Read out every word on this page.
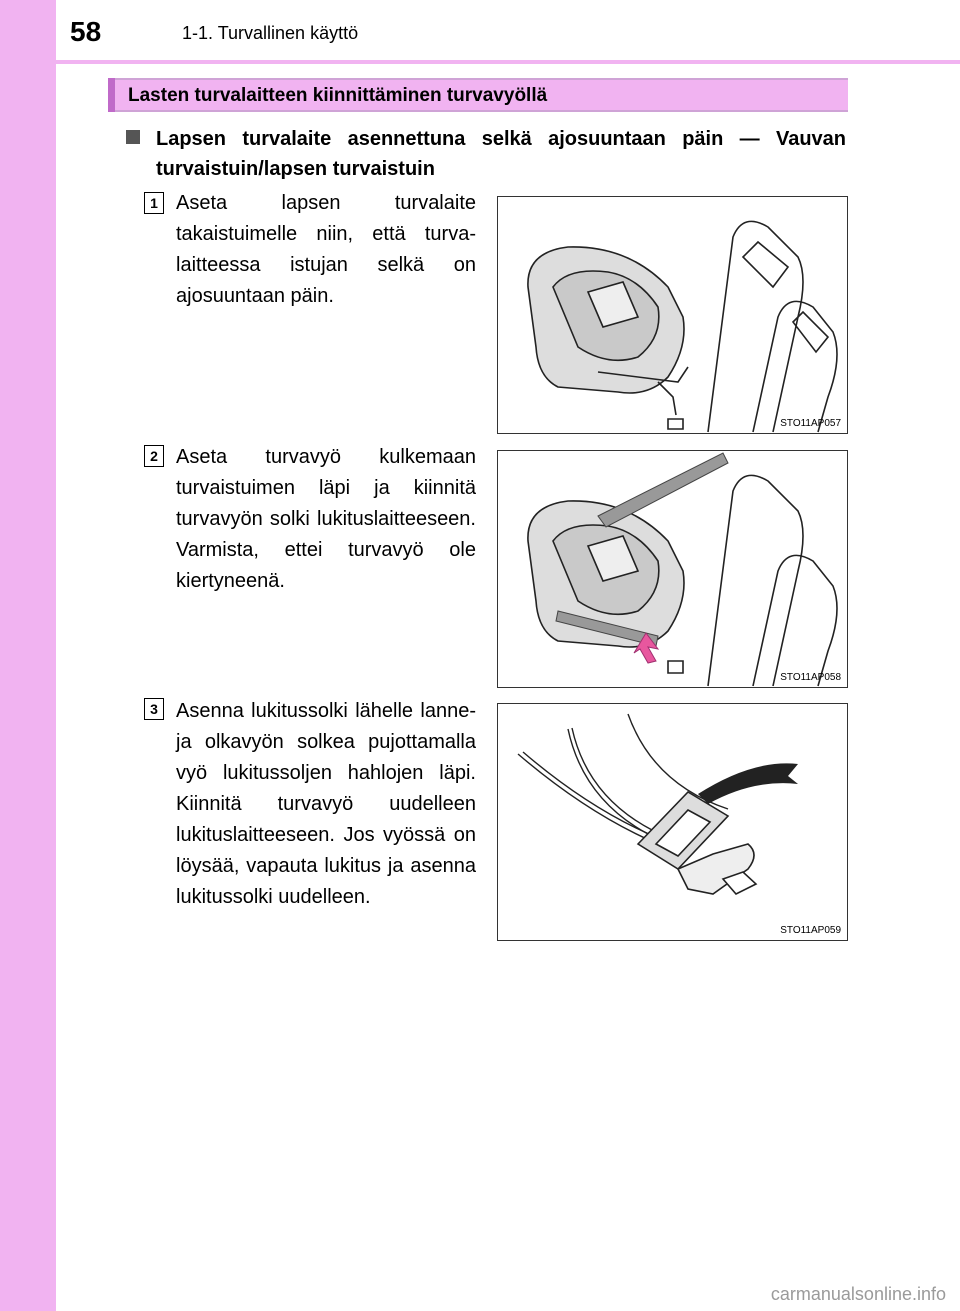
58	1-1. Turvallinen käyttö
Lasten turvalaitteen kiinnittäminen turvavyöllä
Lapsen turvalaite asennettuna selkä ajosuuntaan päin — Vauvan turvaistuin/lapsen turvaistuin
1 Aseta lapsen turvalaite takaistuimelle niin, että turvalaitteessa istujan selkä on ajosuuntaan päin.
STO11AP057
2 Aseta turvavyö kulkemaan turvaistuimen läpi ja kiinnitä turvavyön solki lukituslaitteeseen. Varmista, ettei turvavyö ole kiertyneenä.
STO11AP058
3 Asenna lukitussolki lähelle lanne- ja olkavyön solkea pujottamalla vyö lukitussoljen hahlojen läpi. Kiinnitä turvavyö uudelleen lukituslaitteeseen. Jos vyössä on löysää, vapauta lukitus ja asenna lukitussolki uudelleen.
STO11AP059
carmanualsonline.info
